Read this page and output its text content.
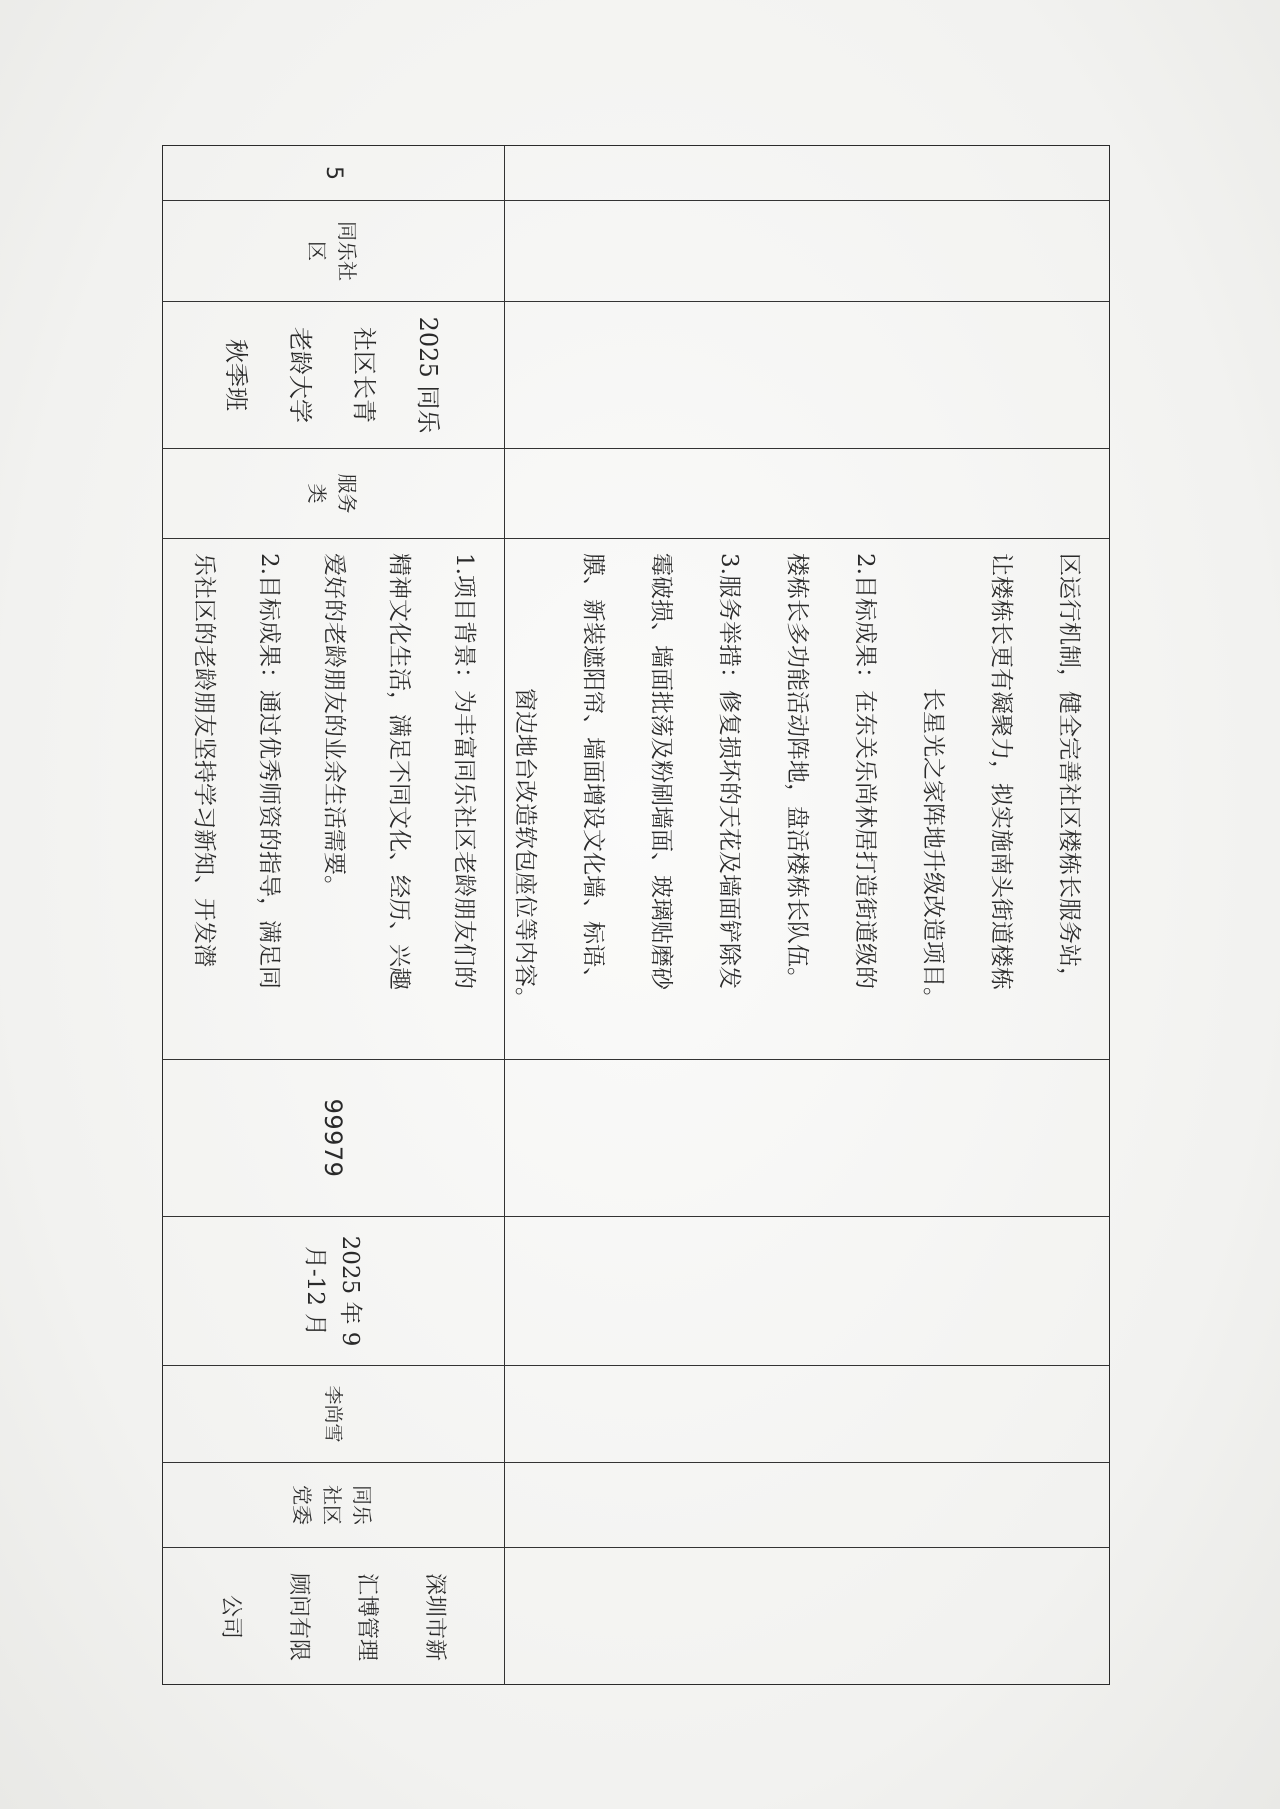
区运行机制，健全完善社区楼栋长服务站，

让楼栋长更有凝聚力，拟实施南头街道楼栋

长星光之家阵地升级改造项目。

2.目标成果：在东关乐尚林居打造街道级的

楼栋长多功能活动阵地，盘活楼栋长队伍。

3.服务举措：修复损坏的天花及墙面铲除发

霉破损、墙面批荡及粉刷墙面、玻璃贴磨砂

膜、新装遮阳帘、墙面增设文化墙、标语、

窗边地台改造软包座位等内容。

5
同乐社
区
2025 同乐
社区长青
老龄大学
秋季班
服务
类

1.项目背景：为丰富同乐社区老龄朋友们的

精神文化生活，满足不同文化、经历、兴趣

爱好的老龄朋友的业余生活需要。

2.目标成果：通过优秀师资的指导，满足同

乐社区的老龄朋友坚持学习新知、开发潜

99979
2025 年 9
月-12 月
李尚雪
同乐
社区
党委
深圳市新
汇博管理
顾问有限
公司
